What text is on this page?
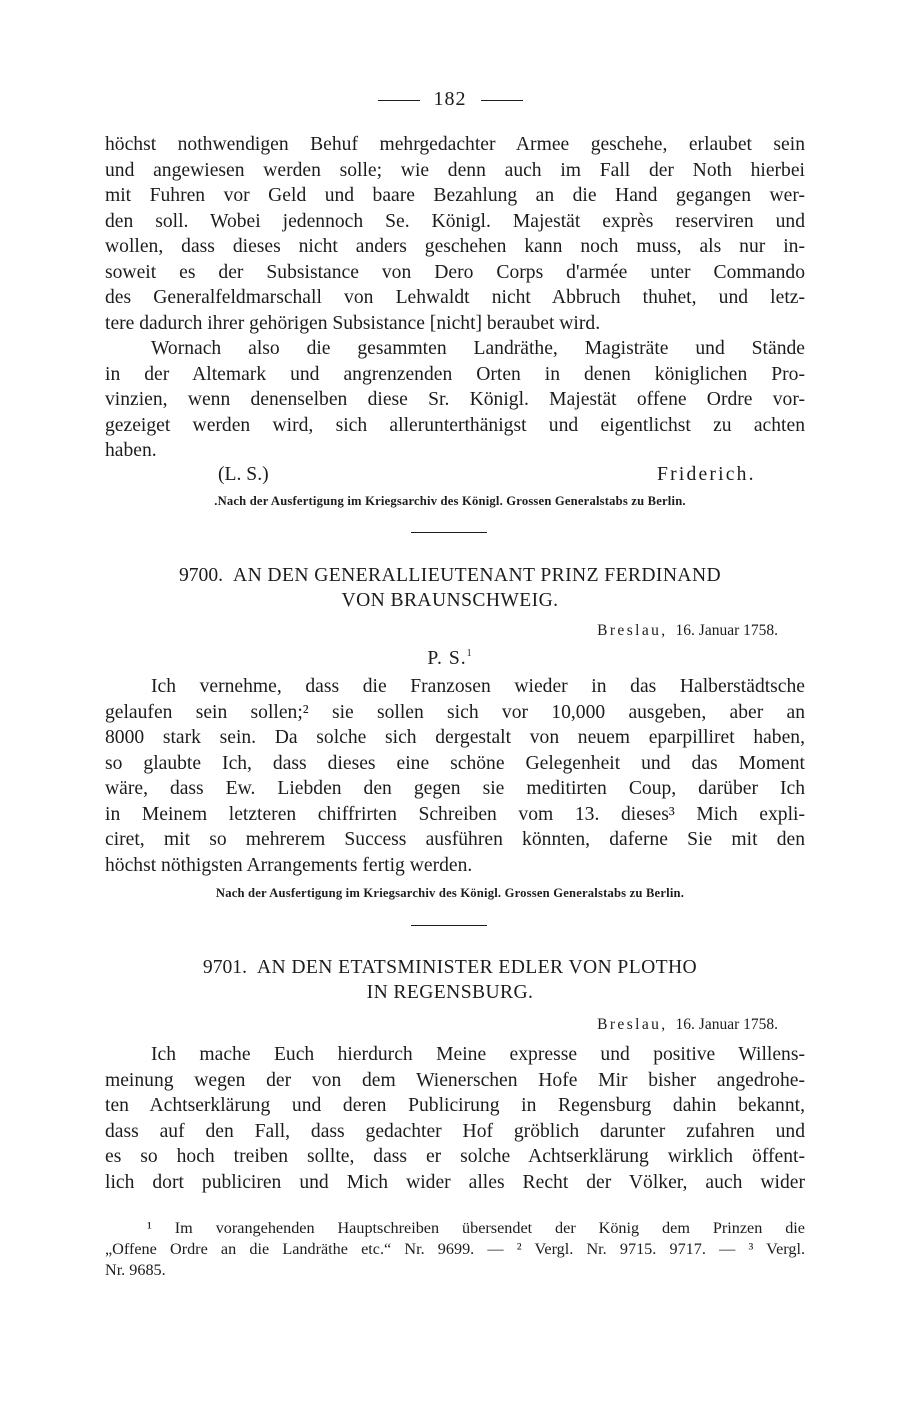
182
höchst nothwendigen Behuf mehrgedachter Armee geschehe, erlaubet sein
und angewiesen werden solle; wie denn auch im Fall der Noth hierbei
mit Fuhren vor Geld und baare Bezahlung an die Hand gegangen wer-
den soll. Wobei jedennoch Se. Königl. Majestät exprès reserviren und
wollen, dass dieses nicht anders geschehen kann noch muss, als nur in-
soweit es der Subsistance von Dero Corps d'armée unter Commando
des Generalfeldmarschall von Lehwaldt nicht Abbruch thuhet, und letz-
tere dadurch ihrer gehörigen Subsistance [nicht] beraubet wird.
Wornach also die gesammten Landräthe, Magisträte und Stände
in der Altemark und angrenzenden Orten in denen königlichen Pro-
vinzien, wenn denenselben diese Sr. Königl. Majestät offene Ordre vor-
gezeiget werden wird, sich allerunterthänigst und eigentlichst zu achten
haben.
(L. S.)	Friderich.
.Nach der Ausfertigung im Kriegsarchiv des Königl. Grossen Generalstabs zu Berlin.
9700. AN DEN GENERALLIEUTENANT PRINZ FERDINAND
VON BRAUNSCHWEIG.
Breslau, 16. Januar 1758.
P. S.$^1$
Ich vernehme, dass die Franzosen wieder in das Halberstädtsche
gelaufen sein sollen;² sie sollen sich vor 10,000 ausgeben, aber an
8000 stark sein. Da solche sich dergestalt von neuem eparpilliret haben,
so glaubte Ich, dass dieses eine schöne Gelegenheit und das Moment
wäre, dass Ew. Liebden den gegen sie meditirten Coup, darüber Ich
in Meinem letzteren chiffrirten Schreiben vom 13. dieses³ Mich expli-
ciret, mit so mehrerem Success ausführen könnten, daferne Sie mit den
höchst nöthigsten Arrangements fertig werden.
Nach der Ausfertigung im Kriegsarchiv des Königl. Grossen Generalstabs zu Berlin.
9701. AN DEN ETATSMINISTER EDLER VON PLOTHO
IN REGENSBURG.
Breslau, 16. Januar 1758.
Ich mache Euch hierdurch Meine expresse und positive Willens-
meinung wegen der von dem Wienerschen Hofe Mir bisher angedrohe-
ten Achtserklärung und deren Publicirung in Regensburg dahin bekannt,
dass auf den Fall, dass gedachter Hof gröblich darunter zufahren und
es so hoch treiben sollte, dass er solche Achtserklärung wirklich öffent-
lich dort publiciren und Mich wider alles Recht der Völker, auch wider
¹ Im vorangehenden Hauptschreiben übersendet der König dem Prinzen die
„Offene Ordre an die Landräthe etc.“ Nr. 9699. — ² Vergl. Nr. 9715. 9717. — ³ Vergl.
Nr. 9685.
